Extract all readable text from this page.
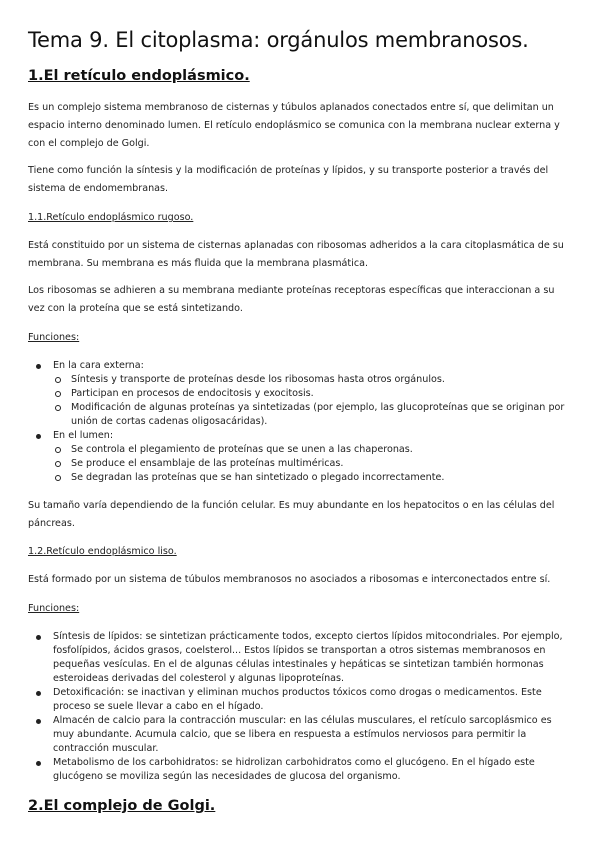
Tema 9. El citoplasma: orgánulos membranosos.
1.El retículo endoplásmico.

Es un complejo sistema membranoso de cisternas y túbulos aplanados conectados entre sí, que delimitan un espacio interno denominado lumen. El retículo endoplásmico se comunica con la membrana nuclear externa y con el complejo de Golgi.

Tiene como función la síntesis y la modificación de proteínas y lípidos, y su transporte posterior a través del sistema de endomembranas.

1.1.Retículo endoplásmico rugoso.

Está constituido por un sistema de cisternas aplanadas con ribosomas adheridos a la cara citoplasmática de su membrana. Su membrana es más fluida que la membrana plasmática.

Los ribosomas se adhieren a su membrana mediante proteínas receptoras específicas que interaccionan a su vez con la proteína que se está sintetizando.

Funciones:
En la cara externa:
Síntesis y transporte de proteínas desde los ribosomas hasta otros orgánulos.
Participan en procesos de endocitosis y exocitosis.
Modificación de algunas proteínas ya sintetizadas (por ejemplo, las glucoproteínas que se originan por unión de cortas cadenas oligosacáridas).
En el lumen:
Se controla el plegamiento de proteínas que se unen a las chaperonas.
Se produce el ensamblaje de las proteínas multiméricas.
Se degradan las proteínas que se han sintetizado o plegado incorrectamente.

Su tamaño varía dependiendo de la función celular. Es muy abundante en los hepatocitos o en las células del páncreas.

1.2.Retículo endoplásmico liso.

Está formado por un sistema de túbulos membranosos no asociados a ribosomas e interconectados entre sí.

Funciones:
Síntesis de lípidos: se sintetizan prácticamente todos, excepto ciertos lípidos mitocondriales. Por ejemplo, fosfolípidos, ácidos grasos, coelsterol... Estos lípidos se transportan a otros sistemas membranosos en pequeñas vesículas. En el de algunas células intestinales y hepáticas se sintetizan también hormonas esteroideas derivadas del colesterol y algunas lipoproteínas.
Detoxificación: se inactivan y eliminan muchos productos tóxicos como drogas o medicamentos. Este proceso se suele llevar a cabo en el hígado.
Almacén de calcio para la contracción muscular: en las células musculares, el retículo sarcoplásmico es muy abundante. Acumula calcio, que se libera en respuesta a estímulos nerviosos para permitir la contracción muscular.
Metabolismo de los carbohidratos: se hidrolizan carbohidratos como el glucógeno. En el hígado este glucógeno se moviliza según las necesidades de glucosa del organismo.
2.El complejo de Golgi.
